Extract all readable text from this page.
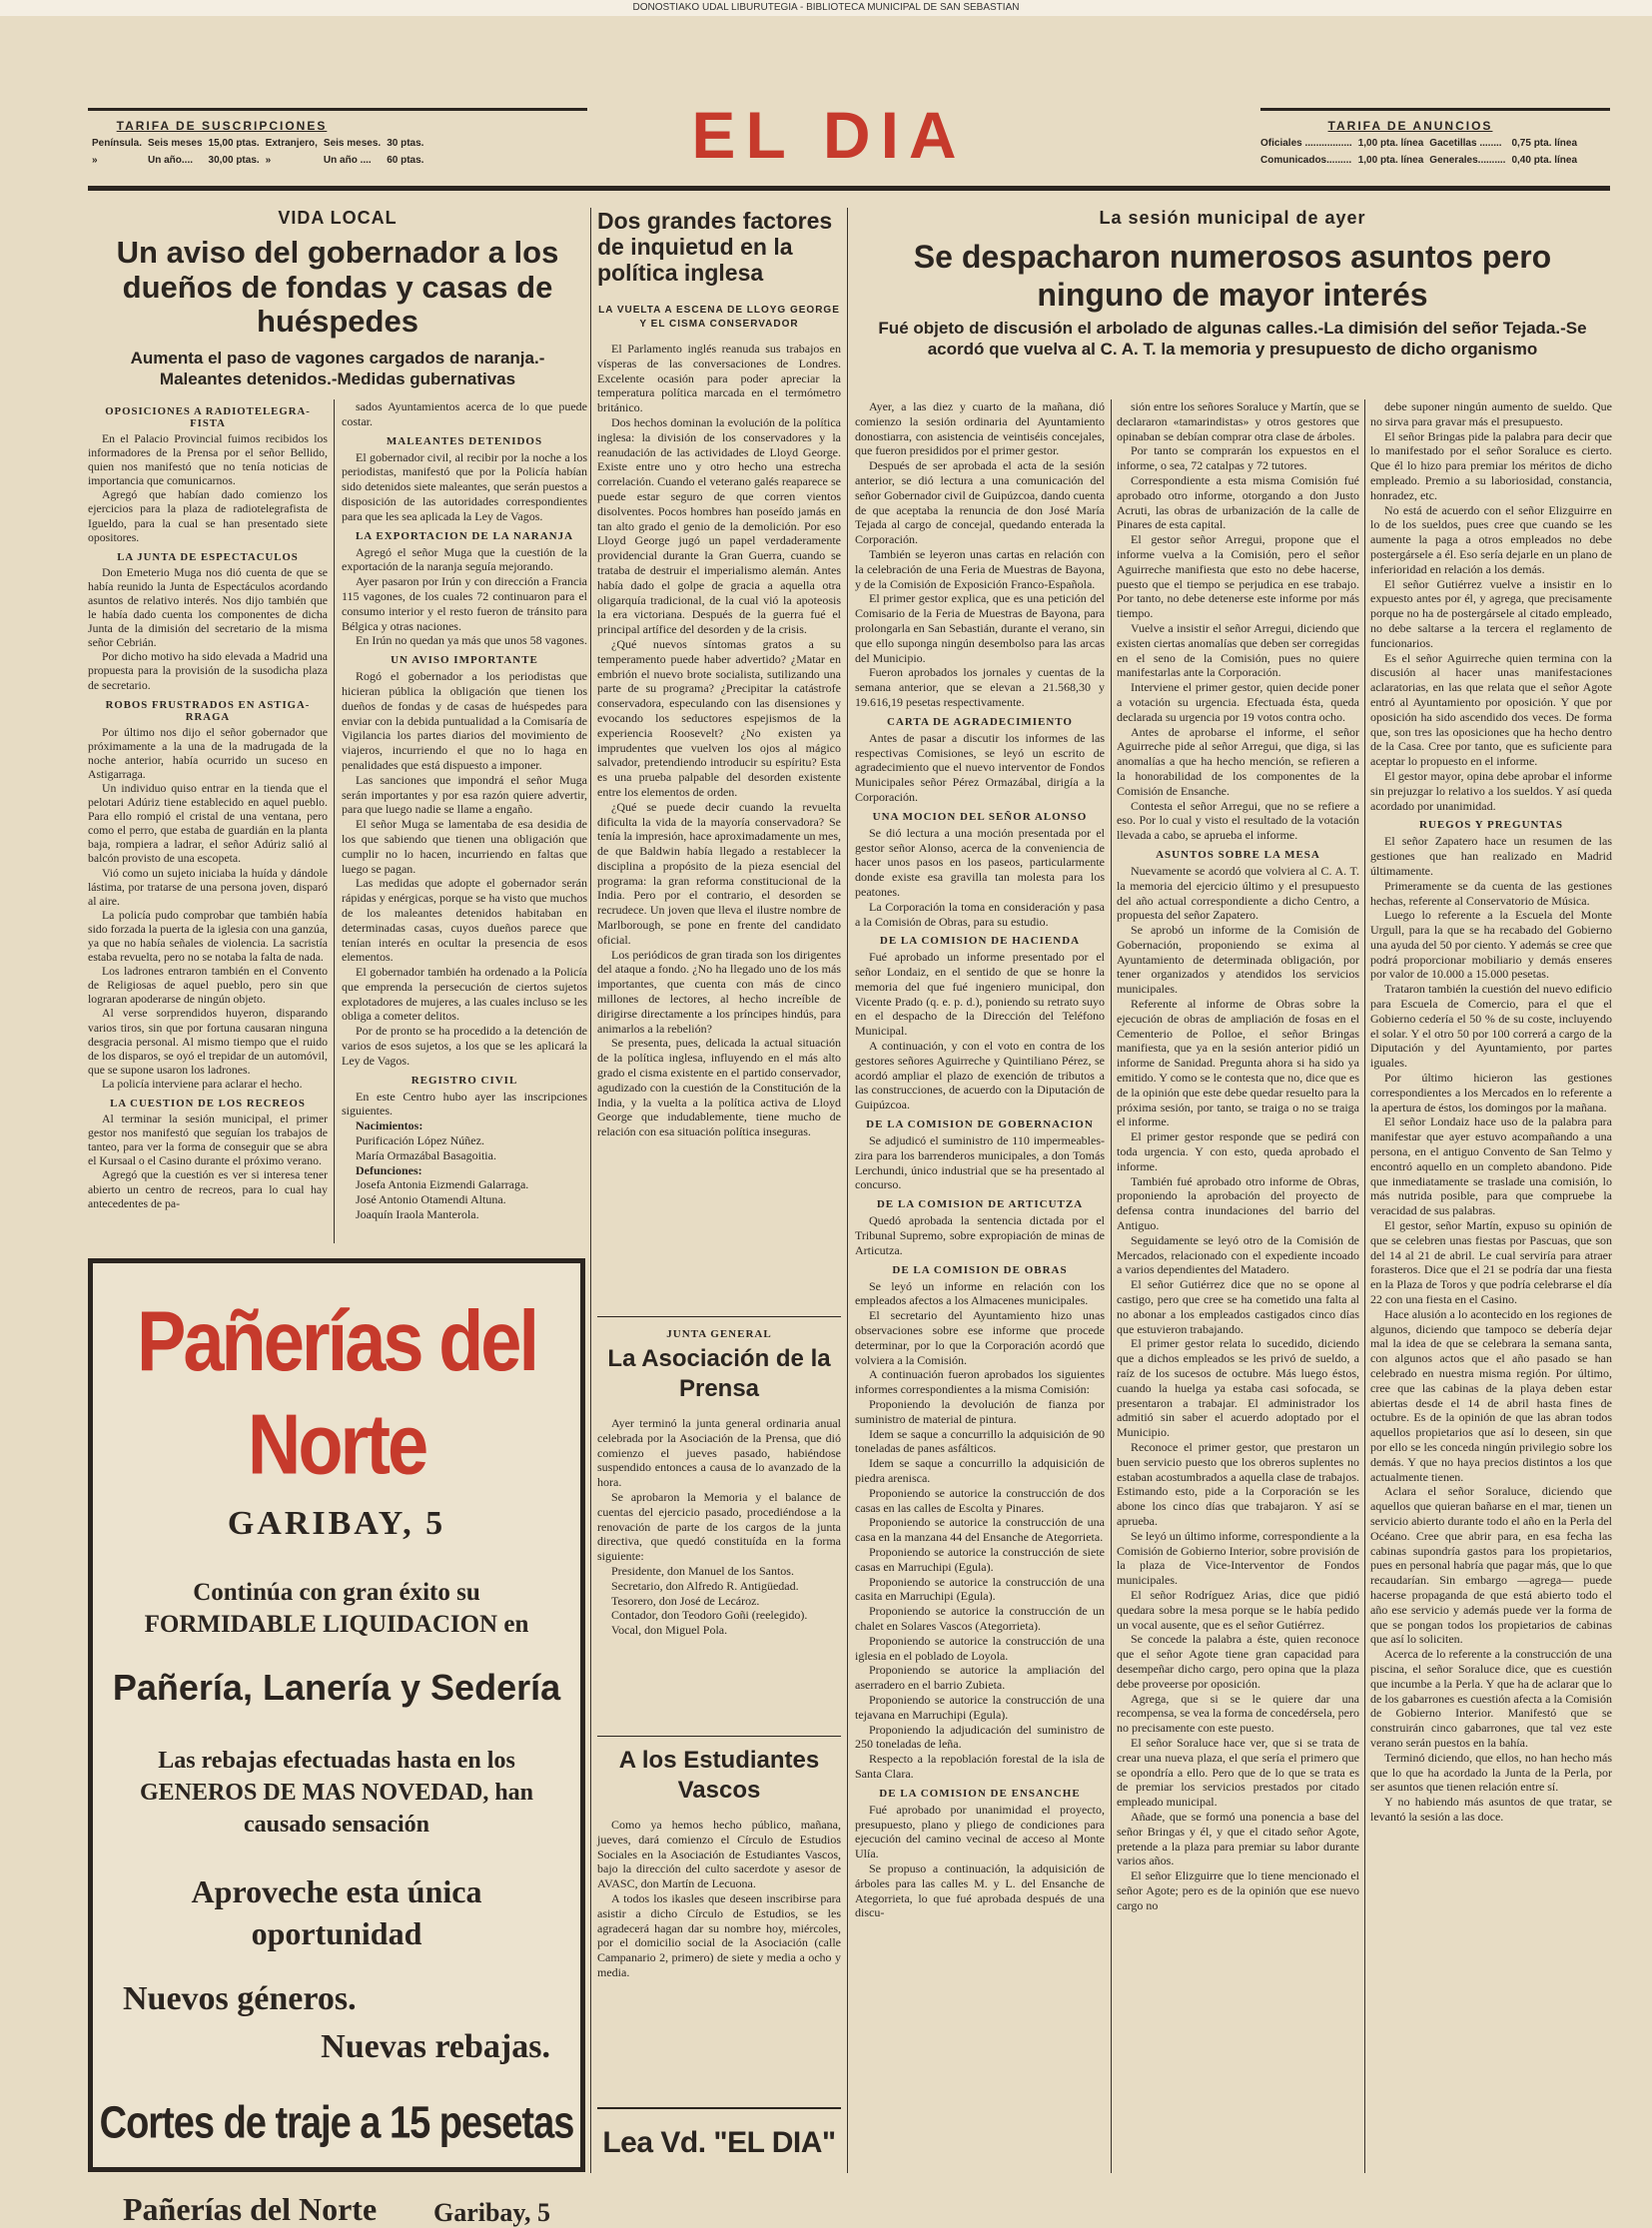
DONOSTIAKO UDAL LIBURUTEGIA - BIBLIOTECA MUNICIPAL DE SAN SEBASTIAN
TARIFA DE SUSCRIPCIONES
Península.	Seis meses	15,00 ptas.	Extranjero,	Seis meses.	30 ptas.
»	Un año....	30,00 ptas.	»	Un año ....	60 ptas.	EL DIA	TARIFA DE ANUNCIOS
Oficiales .................	1,00 pta. línea	Gacetillas ........	0,75 pta. línea
Comunicados.........	1,00 pta. línea	Generales..........	0,40 pta. línea
VIDA LOCAL
Un aviso del gobernador a los dueños de fondas y casas de huéspedes
Aumenta el paso de vagones cargados de naranja.- Maleantes detenidos.-Medidas gubernativas
OPOSICIONES A RADIOTELEGRA-FISTA

En el Palacio Provincial fuimos recibidos los informadores de la Prensa por el señor Bellido, quien nos manifestó que no tenía noticias de importancia que comunicarnos.

Agregó que habían dado comienzo los ejercicios para la plaza de radiotelegrafista de Igueldo, para la cual se han presentado siete opositores.

LA JUNTA DE ESPECTACULOS

Don Emeterio Muga nos dió cuenta de que se había reunido la Junta de Espectáculos acordando asuntos de relativo interés. Nos dijo también que le había dado cuenta los componentes de dicha Junta de la dimisión del secretario de la misma señor Cebrián.

Por dicho motivo ha sido elevada a Madrid una propuesta para la provisión de la susodicha plaza de secretario.

ROBOS FRUSTRADOS EN ASTIGA-RRAGA

Por último nos dijo el señor gobernador que próximamente a la una de la madrugada de la noche anterior, había ocurrido un suceso en Astigarraga.

Un individuo quiso entrar en la tienda que el pelotari Adúriz tiene establecido en aquel pueblo. Para ello rompió el cristal de una ventana, pero como el perro, que estaba de guardián en la planta baja, rompiera a ladrar, el señor Adúriz salió al balcón provisto de una escopeta.

Vió como un sujeto iniciaba la huída y dándole lástima, por tratarse de una persona joven, disparó al aire.

La policía pudo comprobar que también había sido forzada la puerta de la iglesia con una ganzúa, ya que no había señales de violencia. La sacristía estaba revuelta, pero no se notaba la falta de nada.

Los ladrones entraron también en el Convento de Religiosas de aquel pueblo, pero sin que lograran apoderarse de ningún objeto.

Al verse sorprendidos huyeron, disparando varios tiros, sin que por fortuna causaran ninguna desgracia personal. Al mismo tiempo que el ruido de los disparos, se oyó el trepidar de un automóvil, que se supone usaron los ladrones.

La policía interviene para aclarar el hecho.

LA CUESTION DE LOS RECREOS

Al terminar la sesión municipal, el primer gestor nos manifestó que seguían los trabajos de tanteo, para ver la forma de conseguir que se abra el Kursaal o el Casino durante el próximo verano.

Agregó que la cuestión es ver si interesa tener abierto un centro de recreos, para lo cual hay antecedentes de pa-

sados Ayuntamientos acerca de lo que puede costar.

MALEANTES DETENIDOS

El gobernador civil, al recibir por la noche a los periodistas, manifestó que por la Policía habían sido detenidos siete maleantes, que serán puestos a disposición de las autoridades correspondientes para que les sea aplicada la Ley de Vagos.

LA EXPORTACION DE LA NARANJA

Agregó el señor Muga que la cuestión de la exportación de la naranja seguía mejorando.

Ayer pasaron por Irún y con dirección a Francia 115 vagones, de los cuales 72 continuaron para el consumo interior y el resto fueron de tránsito para Bélgica y otras naciones.

En Irún no quedan ya más que unos 58 vagones.

UN AVISO IMPORTANTE

Rogó el gobernador a los periodistas que hicieran pública la obligación que tienen los dueños de fondas y de casas de huéspedes para enviar con la debida puntualidad a la Comisaría de Vigilancia los partes diarios del movimiento de viajeros, incurriendo el que no lo haga en penalidades que está dispuesto a imponer.

Las sanciones que impondrá el señor Muga serán importantes y por esa razón quiere advertir, para que luego nadie se llame a engaño.

El señor Muga se lamentaba de esa desidia de los que sabiendo que tienen una obligación que cumplir no lo hacen, incurriendo en faltas que luego se pagan.

Las medidas que adopte el gobernador serán rápidas y enérgicas, porque se ha visto que muchos de los maleantes detenidos habitaban en determinadas casas, cuyos dueños parece que tenían interés en ocultar la presencia de esos elementos.

El gobernador también ha ordenado a la Policía que emprenda la persecución de ciertos sujetos explotadores de mujeres, a las cuales incluso se les obliga a cometer delitos.

Por de pronto se ha procedido a la detención de varios de esos sujetos, a los que se les aplicará la Ley de Vagos.

REGISTRO CIVIL

En este Centro hubo ayer las inscripciones siguientes.

Nacimientos:

Purificación López Núñez.

María Ormazábal Basagoitia.

Defunciones:

Josefa Antonia Eizmendi Galarraga.

José Antonio Otamendi Altuna.

Joaquín Iraola Manterola.

Pañerías del Norte
GARIBAY, 5
Continúa con gran éxito su FORMIDABLE LIQUIDACION en
Pañería, Lanería y Sedería
Las rebajas efectuadas hasta en los GENEROS DE MAS NOVEDAD, han causado sensación
Aproveche esta única oportunidad
Nuevos géneros.
Nuevas rebajas.
Cortes de traje a 15 pesetas
Pañerías del Norte Garibay, 5
Dos grandes factores de inquietud en la política inglesa
LA VUELTA A ESCENA DE LLOYG GEORGE Y EL CISMA CONSERVADOR

El Parlamento inglés reanuda sus trabajos en vísperas de las conversaciones de Londres. Excelente ocasión para poder apreciar la temperatura política marcada en el termómetro británico.

Dos hechos dominan la evolución de la política inglesa: la división de los conservadores y la reanudación de las actividades de Lloyd George. Existe entre uno y otro hecho una estrecha correlación. Cuando el veterano galés reaparece se puede estar seguro de que corren vientos disolventes. Pocos hombres han poseído jamás en tan alto grado el genio de la demolición. Por eso Lloyd George jugó un papel verdaderamente providencial durante la Gran Guerra, cuando se trataba de destruir el imperialismo alemán. Antes había dado el golpe de gracia a aquella otra oligarquía tradicional, de la cual vió la apoteosis la era victoriana. Después de la guerra fué el principal artífice del desorden y de la crisis.

¿Qué nuevos síntomas gratos a su temperamento puede haber advertido? ¿Matar en embrión el nuevo brote socialista, sutilizando una parte de su programa? ¿Precipitar la catástrofe conservadora, especulando con las disensiones y evocando los seductores espejismos de la experiencia Roosevelt? ¿No existen ya imprudentes que vuelven los ojos al mágico salvador, pretendiendo introducir su espíritu? Esta es una prueba palpable del desorden existente entre los elementos de orden.

¿Qué se puede decir cuando la revuelta dificulta la vida de la mayoría conservadora? Se tenía la impresión, hace aproximadamente un mes, de que Baldwin había llegado a restablecer la disciplina a propósito de la pieza esencial del programa: la gran reforma constitucional de la India. Pero por el contrario, el desorden se recrudece. Un joven que lleva el ilustre nombre de Marlborough, se pone en frente del candidato oficial.

Los periódicos de gran tirada son los dirigentes del ataque a fondo. ¿No ha llegado uno de los más importantes, que cuenta con más de cinco millones de lectores, al hecho increíble de dirigirse directamente a los príncipes hindús, para animarlos a la rebelión?

Se presenta, pues, delicada la actual situación de la política inglesa, influyendo en el más alto grado el cisma existente en el partido conservador, agudizado con la cuestión de la Constitución de la India, y la vuelta a la política activa de Lloyd George que indudablemente, tiene mucho de relación con esa situación política inseguras.

JUNTA GENERAL
La Asociación de la Prensa

Ayer terminó la junta general ordinaria anual celebrada por la Asociación de la Prensa, que dió comienzo el jueves pasado, habiéndose suspendido entonces a causa de lo avanzado de la hora.

Se aprobaron la Memoria y el balance de cuentas del ejercicio pasado, procediéndose a la renovación de parte de los cargos de la junta directiva, que quedó constituída en la forma siguiente:

Presidente, don Manuel de los Santos.

Secretario, don Alfredo R. Antigüedad.

Tesorero, don José de Lecároz.

Contador, don Teodoro Goñi (reelegido).

Vocal, don Miguel Pola.

A los Estudiantes Vascos

Como ya hemos hecho público, mañana, jueves, dará comienzo el Círculo de Estudios Sociales en la Asociación de Estudiantes Vascos, bajo la dirección del culto sacerdote y asesor de AVASC, don Martín de Lecuona.

A todos los ikasles que deseen inscribirse para asistir a dicho Círculo de Estudios, se les agradecerá hagan dar su nombre hoy, miércoles, por el domicilio social de la Asociación (calle Campanario 2, primero) de siete y media a ocho y media.

Lea Vd. "EL DIA"
La sesión municipal de ayer
Se despacharon numerosos asuntos pero ninguno de mayor interés
Fué objeto de discusión el arbolado de algunas calles.-La dimisión del señor Tejada.-Se acordó que vuelva al C. A. T. la memoria y presupuesto de dicho organismo

Ayer, a las diez y cuarto de la mañana, dió comienzo la sesión ordinaria del Ayuntamiento donostiarra, con asistencia de veintiséis concejales, que fueron presididos por el primer gestor.

Después de ser aprobada el acta de la sesión anterior, se dió lectura a una comunicación del señor Gobernador civil de Guipúzcoa, dando cuenta de que aceptaba la renuncia de don José María Tejada al cargo de concejal, quedando enterada la Corporación.

También se leyeron unas cartas en relación con la celebración de una Feria de Muestras de Bayona, y de la Comisión de Exposición Franco-Española.

El primer gestor explica, que es una petición del Comisario de la Feria de Muestras de Bayona, para prolongarla en San Sebastián, durante el verano, sin que ello suponga ningún desembolso para las arcas del Municipio.

Fueron aprobados los jornales y cuentas de la semana anterior, que se elevan a 21.568,30 y 19.616,19 pesetas respectivamente.

CARTA DE AGRADECIMIENTO

Antes de pasar a discutir los informes de las respectivas Comisiones, se leyó un escrito de agradecimiento que el nuevo interventor de Fondos Municipales señor Pérez Ormazábal, dirigía a la Corporación.

UNA MOCION DEL SEÑOR ALONSO

Se dió lectura a una moción presentada por el gestor señor Alonso, acerca de la conveniencia de hacer unos pasos en los paseos, particularmente donde existe esa gravilla tan molesta para los peatones.

La Corporación la toma en consideración y pasa a la Comisión de Obras, para su estudio.

DE LA COMISION DE HACIENDA

Fué aprobado un informe presentado por el señor Londaiz, en el sentido de que se honre la memoria del que fué ingeniero municipal, don Vicente Prado (q. e. p. d.), poniendo su retrato suyo en el despacho de la Dirección del Teléfono Municipal.

A continuación, y con el voto en contra de los gestores señores Aguirreche y Quintiliano Pérez, se acordó ampliar el plazo de exención de tributos a las construcciones, de acuerdo con la Diputación de Guipúzcoa.

DE LA COMISION DE GOBERNACION

Se adjudicó el suministro de 110 impermeables-zira para los barrenderos municipales, a don Tomás Lerchundi, único industrial que se ha presentado al concurso.

DE LA COMISION DE ARTICUTZA

Quedó aprobada la sentencia dictada por el Tribunal Supremo, sobre expropiación de minas de Articutza.

DE LA COMISION DE OBRAS

Se leyó un informe en relación con los empleados afectos a los Almacenes municipales.

El secretario del Ayuntamiento hizo unas observaciones sobre ese informe que procede determinar, por lo que la Corporación acordó que volviera a la Comisión.

A continuación fueron aprobados los siguientes informes correspondientes a la misma Comisión:

Proponiendo la devolución de fianza por suministro de material de pintura.

Idem se saque a concurrillo la adquisición de 90 toneladas de panes asfálticos.

Idem se saque a concurrillo la adquisición de piedra arenisca.

Proponiendo se autorice la construcción de dos casas en las calles de Escolta y Pinares.

Proponiendo se autorice la construcción de una casa en la manzana 44 del Ensanche de Ategorrieta.

Proponiendo se autorice la construcción de siete casas en Marruchipi (Egula).

Proponiendo se autorice la construcción de una casita en Marruchipi (Egula).

Proponiendo se autorice la construcción de un chalet en Solares Vascos (Ategorrieta).

Proponiendo se autorice la construcción de una iglesia en el poblado de Loyola.

Proponiendo se autorice la ampliación del aserradero en el barrio Zubieta.

Proponiendo se autorice la construcción de una tejavana en Marruchipi (Egula).

Proponiendo la adjudicación del suministro de 250 toneladas de leña.

Respecto a la repoblación forestal de la isla de Santa Clara.

DE LA COMISION DE ENSANCHE

Fué aprobado por unanimidad el proyecto, presupuesto, plano y pliego de condiciones para ejecución del camino vecinal de acceso al Monte Ulía.

Se propuso a continuación, la adquisición de árboles para las calles M. y L. del Ensanche de Ategorrieta, lo que fué aprobada después de una discu-

sión entre los señores Soraluce y Martín, que se declararon «tamarindistas» y otros gestores que opinaban se debían comprar otra clase de árboles.

Por tanto se comprarán los expuestos en el informe, o sea, 72 catalpas y 72 tutores.

Correspondiente a esta misma Comisión fué aprobado otro informe, otorgando a don Justo Acruti, las obras de urbanización de la calle de Pinares de esta capital.

El gestor señor Arregui, propone que el informe vuelva a la Comisión, pero el señor Aguirreche manifiesta que esto no debe hacerse, puesto que el tiempo se perjudica en ese trabajo. Por tanto, no debe detenerse este informe por más tiempo.

Vuelve a insistir el señor Arregui, diciendo que existen ciertas anomalías que deben ser corregidas en el seno de la Comisión, pues no quiere manifestarlas ante la Corporación.

Interviene el primer gestor, quien decide poner a votación su urgencia. Efectuada ésta, queda declarada su urgencia por 19 votos contra ocho.

Antes de aprobarse el informe, el señor Aguirreche pide al señor Arregui, que diga, si las anomalías a que ha hecho mención, se refieren a la honorabilidad de los componentes de la Comisión de Ensanche.

Contesta el señor Arregui, que no se refiere a eso. Por lo cual y visto el resultado de la votación llevada a cabo, se aprueba el informe.

ASUNTOS SOBRE LA MESA

Nuevamente se acordó que volviera al C. A. T. la memoria del ejercicio último y el presupuesto del año actual correspondiente a dicho Centro, a propuesta del señor Zapatero.

Se aprobó un informe de la Comisión de Gobernación, proponiendo se exima al Ayuntamiento de determinada obligación, por tener organizados y atendidos los servicios municipales.

Referente al informe de Obras sobre la ejecución de obras de ampliación de fosas en el Cementerio de Polloe, el señor Bringas manifiesta, que ya en la sesión anterior pidió un informe de Sanidad. Pregunta ahora si ha sido ya emitido. Y como se le contesta que no, dice que es de la opinión que este debe quedar resuelto para la próxima sesión, por tanto, se traiga o no se traiga el informe.

El primer gestor responde que se pedirá con toda urgencia. Y con esto, queda aprobado el informe.

También fué aprobado otro informe de Obras, proponiendo la aprobación del proyecto de defensa contra inundaciones del barrio del Antiguo.

Seguidamente se leyó otro de la Comisión de Mercados, relacionado con el expediente incoado a varios dependientes del Matadero.

El señor Gutiérrez dice que no se opone al castigo, pero que cree se ha cometido una falta al no abonar a los empleados castigados cinco días que estuvieron trabajando.

El primer gestor relata lo sucedido, diciendo que a dichos empleados se les privó de sueldo, a raíz de los sucesos de octubre. Más luego éstos, cuando la huelga ya estaba casi sofocada, se presentaron a trabajar. El administrador los admitió sin saber el acuerdo adoptado por el Municipio.

Reconoce el primer gestor, que prestaron un buen servicio puesto que los obreros suplentes no estaban acostumbrados a aquella clase de trabajos. Estimando esto, pide a la Corporación se les abone los cinco días que trabajaron. Y así se aprueba.

Se leyó un último informe, correspondiente a la Comisión de Gobierno Interior, sobre provisión de la plaza de Vice-Interventor de Fondos municipales.

El señor Rodríguez Arias, dice que pidió quedara sobre la mesa porque se le había pedido un vocal ausente, que es el señor Gutiérrez.

Se concede la palabra a éste, quien reconoce que el señor Agote tiene gran capacidad para desempeñar dicho cargo, pero opina que la plaza debe proveerse por oposición.

Agrega, que si se le quiere dar una recompensa, se vea la forma de concedérsela, pero no precisamente con este puesto.

El señor Soraluce hace ver, que si se trata de crear una nueva plaza, el que sería el primero que se opondría a ello. Pero que de lo que se trata es de premiar los servicios prestados por citado empleado municipal.

Añade, que se formó una ponencia a base del señor Bringas y él, y que el citado señor Agote, pretende a la plaza para premiar su labor durante varios años.

El señor Elizguirre que lo tiene mencionado el señor Agote; pero es de la opinión que ese nuevo cargo no

debe suponer ningún aumento de sueldo. Que no sirva para gravar más el presupuesto.

El señor Bringas pide la palabra para decir que lo manifestado por el señor Soraluce es cierto. Que él lo hizo para premiar los méritos de dicho empleado. Premio a su laboriosidad, constancia, honradez, etc.

No está de acuerdo con el señor Elizguirre en lo de los sueldos, pues cree que cuando se les aumente la paga a otros empleados no debe postergársele a él. Eso sería dejarle en un plano de inferioridad en relación a los demás.

El señor Gutiérrez vuelve a insistir en lo expuesto antes por él, y agrega, que precisamente porque no ha de postergársele al citado empleado, no debe saltarse a la tercera el reglamento de funcionarios.

Es el señor Aguirreche quien termina con la discusión al hacer unas manifestaciones aclaratorias, en las que relata que el señor Agote entró al Ayuntamiento por oposición. Y que por oposición ha sido ascendido dos veces. De forma que, son tres las oposiciones que ha hecho dentro de la Casa. Cree por tanto, que es suficiente para aceptar lo propuesto en el informe.

El gestor mayor, opina debe aprobar el informe sin prejuzgar lo relativo a los sueldos. Y así queda acordado por unanimidad.

RUEGOS Y PREGUNTAS

El señor Zapatero hace un resumen de las gestiones que han realizado en Madrid últimamente.

Primeramente se da cuenta de las gestiones hechas, referente al Conservatorio de Música.

Luego lo referente a la Escuela del Monte Urgull, para la que se ha recabado del Gobierno una ayuda del 50 por ciento. Y además se cree que podrá proporcionar mobiliario y demás enseres por valor de 10.000 a 15.000 pesetas.

Trataron también la cuestión del nuevo edificio para Escuela de Comercio, para el que el Gobierno cedería el 50 % de su coste, incluyendo el solar. Y el otro 50 por 100 correrá a cargo de la Diputación y del Ayuntamiento, por partes iguales.

Por último hicieron las gestiones correspondientes a los Mercados en lo referente a la apertura de éstos, los domingos por la mañana.

El señor Londaiz hace uso de la palabra para manifestar que ayer estuvo acompañando a una persona, en el antiguo Convento de San Telmo y encontró aquello en un completo abandono. Pide que inmediatamente se traslade una comisión, lo más nutrida posible, para que compruebe la veracidad de sus palabras.

El gestor, señor Martín, expuso su opinión de que se celebren unas fiestas por Pascuas, que son del 14 al 21 de abril. Le cual serviría para atraer forasteros. Dice que el 21 se podría dar una fiesta en la Plaza de Toros y que podría celebrarse el día 22 con una fiesta en el Casino.

Hace alusión a lo acontecido en los regiones de algunos, diciendo que tampoco se debería dejar mal la idea de que se celebrara la semana santa, con algunos actos que el año pasado se han celebrado en nuestra misma región. Por último, cree que las cabinas de la playa deben estar abiertas desde el 14 de abril hasta fines de octubre. Es de la opinión de que las abran todos aquellos propietarios que así lo deseen, sin que por ello se les conceda ningún privilegio sobre los demás. Y que no haya precios distintos a los que actualmente tienen.

Aclara el señor Soraluce, diciendo que aquellos que quieran bañarse en el mar, tienen un servicio abierto durante todo el año en la Perla del Océano. Cree que abrir para, en esa fecha las cabinas supondría gastos para los propietarios, pues en personal habría que pagar más, que lo que recaudarían. Sin embargo —agrega— puede hacerse propaganda de que está abierto todo el año ese servicio y además puede ver la forma de que se pongan todos los propietarios de cabinas que así lo soliciten.

Acerca de lo referente a la construcción de una piscina, el señor Soraluce dice, que es cuestión que incumbe a la Perla. Y que ha de aclarar que lo de los gabarrones es cuestión afecta a la Comisión de Gobierno Interior. Manifestó que se construirán cinco gabarrones, que tal vez este verano serán puestos en la bahía.

Terminó diciendo, que ellos, no han hecho más que lo que ha acordado la Junta de la Perla, por ser asuntos que tienen relación entre sí.

Y no habiendo más asuntos de que tratar, se levantó la sesión a las doce.
